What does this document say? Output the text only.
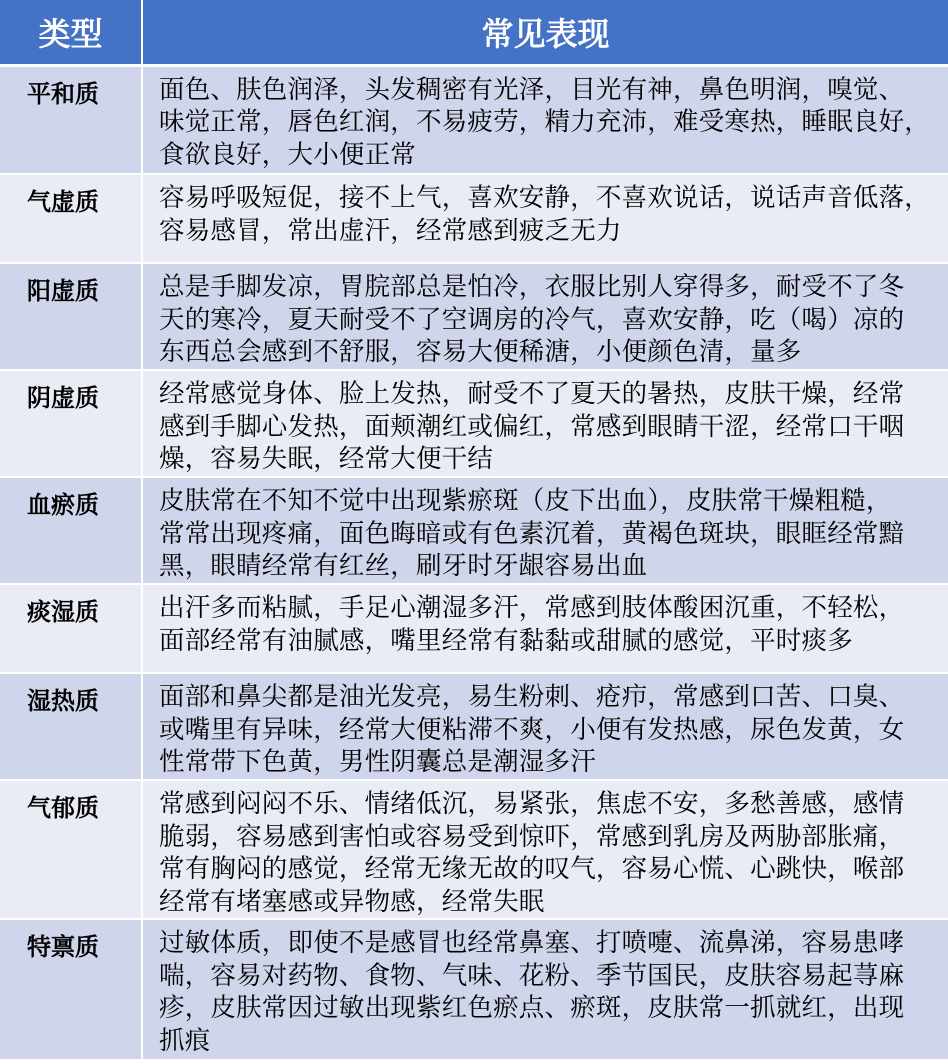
类型	常见表现
平和质	面色、肤色润泽，头发稠密有光泽，目光有神，鼻色明润，嗅觉、
味觉正常，唇色红润，不易疲劳，精力充沛，难受寒热，睡眠良好，
食欲良好，大小便正常

气虚质	容易呼吸短促，接不上气，喜欢安静，不喜欢说话，说话声音低落，
容易感冒，常出虚汗，经常感到疲乏无力

阳虚质	总是手脚发凉，胃脘部总是怕冷，衣服比别人穿得多，耐受不了冬
天的寒冷，夏天耐受不了空调房的冷气，喜欢安静，吃（喝）凉的
东西总会感到不舒服，容易大便稀溏，小便颜色清，量多

阴虚质	经常感觉身体、脸上发热，耐受不了夏天的暑热，皮肤干燥，经常
感到手脚心发热，面颊潮红或偏红，常感到眼睛干涩，经常口干咽
燥，容易失眠，经常大便干结

血瘀质	皮肤常在不知不觉中出现紫瘀斑（皮下出血），皮肤常干燥粗糙，
常常出现疼痛，面色晦暗或有色素沉着，黄褐色斑块，眼眶经常黯
黑，眼睛经常有红丝，刷牙时牙龈容易出血

痰湿质	出汗多而粘腻，手足心潮湿多汗，常感到肢体酸困沉重，不轻松，
面部经常有油腻感，嘴里经常有黏黏或甜腻的感觉，平时痰多

湿热质	面部和鼻尖都是油光发亮，易生粉刺、疮疖，常感到口苦、口臭、
或嘴里有异味，经常大便粘滞不爽，小便有发热感，尿色发黄，女
性常带下色黄，男性阴囊总是潮湿多汗

气郁质	常感到闷闷不乐、情绪低沉，易紧张，焦虑不安，多愁善感，感情
脆弱，容易感到害怕或容易受到惊吓，常感到乳房及两胁部胀痛，
常有胸闷的感觉，经常无缘无故的叹气，容易心慌、心跳快，喉部
经常有堵塞感或异物感，经常失眠

特禀质	过敏体质，即使不是感冒也经常鼻塞、打喷嚏、流鼻涕，容易患哮
喘，容易对药物、食物、气味、花粉、季节国民，皮肤容易起荨麻
疹，皮肤常因过敏出现紫红色瘀点、瘀斑，皮肤常一抓就红，出现
抓痕
